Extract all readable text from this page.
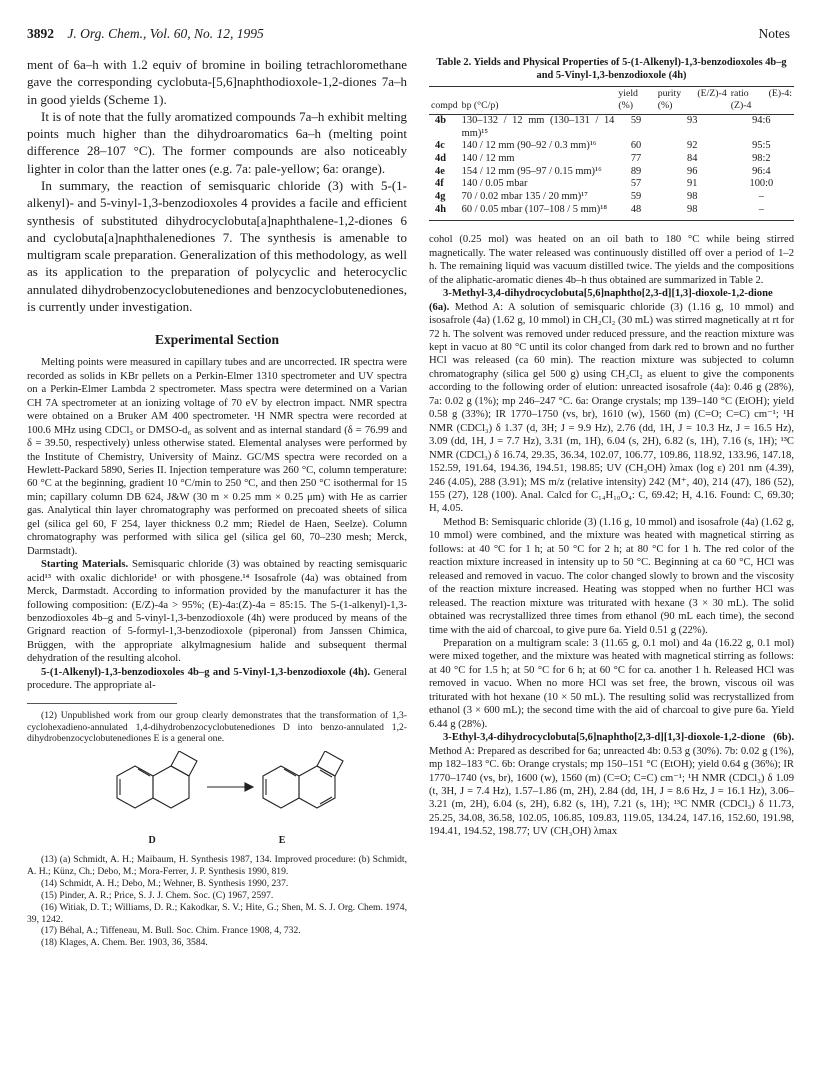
3892 J. Org. Chem., Vol. 60, No. 12, 1995	Notes

ment of 6a–h with 1.2 equiv of bromine in boiling tetrachloromethane gave the corresponding cyclobuta-[5,6]naphthodioxole-1,2-diones 7a–h in good yields (Scheme 1).

It is of note that the fully aromatized compounds 7a–h exhibit melting points much higher than the dihydroaromatics 6a–h (melting point difference 28–107 °C). The former compounds are also noticeably lighter in color than the latter ones (e.g. 7a: pale-yellow; 6a: orange).

In summary, the reaction of semisquaric chloride (3) with 5-(1-alkenyl)- and 5-vinyl-1,3-benzodioxoles 4 provides a facile and efficient synthesis of substituted dihydrocyclobuta[a]naphthalene-1,2-diones 6 and cyclobuta[a]naphthalenediones 7. The synthesis is amenable to multigram scale preparation. Generalization of this methodology, as well as its application to the preparation of polycyclic and heterocyclic annulated dihydrobenzocyclobutenediones and benzocyclobutenediones, is currently under investigation.

Experimental Section

Melting points were measured in capillary tubes and are uncorrected. IR spectra were recorded as solids in KBr pellets on a Perkin-Elmer 1310 spectrometer and UV spectra on a Perkin-Elmer Lambda 2 spectrometer. Mass spectra were determined on a Varian CH 7A spectrometer at an ionizing voltage of 70 eV by electron impact. NMR spectra were obtained on a Bruker AM 400 spectrometer. ¹H NMR spectra were recorded at 100.6 MHz using CDCl₃ or DMSO-d₆ as solvent and as internal standard (δ = 76.99 and δ = 39.50, respectively) unless otherwise stated. Elemental analyses were performed by the Institute of Chemistry, University of Mainz. GC/MS spectra were recorded on a Hewlett-Packard 5890, Series II. Injection temperature was 260 °C, column temperature: 60 °C at the beginning, gradient 10 °C/min to 250 °C, and then 250 °C isothermal for 15 min; capillary column DB 624, J&W (30 m × 0.25 mm × 0.25 μm) with He as carrier gas. Analytical thin layer chromatography was performed on precoated sheets of silica gel (silica gel 60, F 254, layer thickness 0.2 mm; Riedel de Haen, Seelze). Column chromatography was performed with silica gel (silica gel 60, 70–230 mesh; Merck, Darmstadt).

Starting Materials. Semisquaric chloride (3) was obtained by reacting semisquaric acid¹³ with oxalic dichloride¹ or with phosgene.¹⁴ Isosafrole (4a) was obtained from Merck, Darmstadt. According to information provided by the manufacturer it has the following composition: (E/Z)-4a > 95%; (E)-4a:(Z)-4a = 85:15. The 5-(1-alkenyl)-1,3-benzodioxoles 4b–g and 5-vinyl-1,3-benzodioxole (4h) were produced by means of the Grignard reaction of 5-formyl-1,3-benzodioxole (piperonal) from Janssen Chimica, Brüggen, with the appropriate alkylmagnesium halide and subsequent thermal dehydration of the resulting alcohol.

5-(1-Alkenyl)-1,3-benzodioxoles 4b–g and 5-Vinyl-1,3-benzodioxole (4h). General procedure. The appropriate al-

(12) Unpublished work from our group clearly demonstrates that the transformation of 1,3-cyclohexadieno-annulated 1,4-dihydrobenzocyclobutenediones D into benzo-annulated 1,2-dihydrobenzocyclobutenediones E is a general one.

D	E

(13) (a) Schmidt, A. H.; Maibaum, H. Synthesis 1987, 134. Improved procedure: (b) Schmidt, A. H.; Künz, Ch.; Debo, M.; Mora-Ferrer, J. P. Synthesis 1990, 819.

(14) Schmidt, A. H.; Debo, M.; Wehner, B. Synthesis 1990, 237.

(15) Pinder, A. R.; Price, S. J. J. Chem. Soc. (C) 1967, 2597.

(16) Witiak, D. T.; Williams, D. R.; Kakodkar, S. V.; Hite, G.; Shen, M. S. J. Org. Chem. 1974, 39, 1242.

(17) Béhal, A.; Tiffeneau, M. Bull. Soc. Chim. France 1908, 4, 732.

(18) Klages, A. Chem. Ber. 1903, 36, 3584.

Table 2. Yields and Physical Properties of 5-(1-Alkenyl)-1,3-benzodioxoles 4b–g and 5-Vinyl-1,3-benzodioxole (4h)
compd	bp (°C/p)	yield (%)	purity (E/Z)-4 (%)	ratio (E)-4:(Z)-4
4b	130–132 / 12 mm (130–131 / 14 mm)¹⁵	59	93	94:6
4c	140 / 12 mm (90–92 / 0.3 mm)¹⁶	60	92	95:5
4d	140 / 12 mm	77	84	98:2
4e	154 / 12 mm (95–97 / 0.15 mm)¹⁶	89	96	96:4
4f	140 / 0.05 mbar	57	91	100:0
4g	70 / 0.02 mbar 135 / 20 mm)¹⁷	59	98	–
4h	60 / 0.05 mbar (107–108 / 5 mm)¹⁸	48	98	–

cohol (0.25 mol) was heated on an oil bath to 180 °C while being stirred magnetically. The water released was continuously distilled off over a period of 1–2 h. The remaining liquid was vacuum distilled twice. The yields and the compositions of the aliphatic-aromatic dienes 4b–h thus obtained are summarized in Table 2.

3-Methyl-3,4-dihydrocyclobuta[5,6]naphtho[2,3-d][1,3]-dioxole-1,2-dione (6a). Method A: A solution of semisquaric chloride (3) (1.16 g, 10 mmol) and isosafrole (4a) (1.62 g, 10 mmol) in CH₂Cl₂ (30 mL) was stirred magnetically at rt for 72 h. The solvent was removed under reduced pressure, and the reaction mixture was kept in vacuo at 80 °C until its color changed from dark red to brown and no further HCl was released (ca 60 min). The reaction mixture was subjected to column chromatography (silica gel 500 g) using CH₂Cl₂ as eluent to give the components according to the following order of elution: unreacted isosafrole (4a): 0.46 g (28%), 7a: 0.02 g (1%); mp 246–247 °C. 6a: Orange crystals; mp 139–140 °C (EtOH); yield 0.58 g (33%); IR 1770–1750 (vs, br), 1610 (w), 1560 (m) (C=O; C=C) cm⁻¹; ¹H NMR (CDCl₃) δ 1.37 (d, 3H; J = 9.9 Hz), 2.76 (dd, 1H, J = 10.3 Hz, J = 16.5 Hz), 3.09 (dd, 1H, J = 7.7 Hz), 3.31 (m, 1H), 6.04 (s, 2H), 6.82 (s, 1H), 7.16 (s, 1H); ¹³C NMR (CDCl₃) δ 16.74, 29.35, 36.34, 102.07, 106.77, 109.86, 118.92, 133.96, 147.18, 152.59, 191.64, 194.36, 194.51, 198.85; UV (CH₃OH) λmax (log ε) 201 nm (4.39), 246 (4.05), 288 (3.91); MS m/z (relative intensity) 242 (M⁺, 40), 214 (47), 186 (52), 155 (27), 128 (100). Anal. Calcd for C₁₄H₁₀O₄: C, 69.42; H, 4.16. Found: C, 69.30; H, 4.05.

Method B: Semisquaric chloride (3) (1.16 g, 10 mmol) and isosafrole (4a) (1.62 g, 10 mmol) were combined, and the mixture was heated with magnetical stirring as follows: at 40 °C for 1 h; at 50 °C for 2 h; at 80 °C for 1 h. The red color of the reaction mixture increased in intensity up to 50 °C. Beginning at ca 60 °C, HCl was released and removed in vacuo. The color changed slowly to brown and the viscosity of the reaction mixture increased. Heating was stopped when no further HCl was released. The reaction mixture was triturated with hexane (3 × 30 mL). The solid obtained was recrystallized three times from ethanol (90 mL each time), the second time with the aid of charcoal, to give pure 6a. Yield 0.51 g (22%).

Preparation on a multigram scale: 3 (11.65 g, 0.1 mol) and 4a (16.22 g, 0.1 mol) were mixed together, and the mixture was heated with magnetical stirring as follows: at 40 °C for 1.5 h; at 50 °C for 6 h; at 60 °C for ca. another 1 h. Released HCl was removed in vacuo. When no more HCl was set free, the brown, viscous oil was triturated with hot hexane (10 × 50 mL). The resulting solid was recrystallized from ethanol (3 × 600 mL); the second time with the aid of charcoal to give pure 6a. Yield 6.44 g (28%).

3-Ethyl-3,4-dihydrocyclobuta[5,6]naphtho[2,3-d][1,3]-dioxole-1,2-dione (6b). Method A: Prepared as described for 6a; unreacted 4b: 0.53 g (30%). 7b: 0.02 g (1%), mp 182–183 °C. 6b: Orange crystals; mp 150–151 °C (EtOH); yield 0.64 g (36%); IR 1770–1740 (vs, br), 1600 (w), 1560 (m) (C=O; C=C) cm⁻¹; ¹H NMR (CDCl₃) δ 1.09 (t, 3H, J = 7.4 Hz), 1.57–1.86 (m, 2H), 2.84 (dd, 1H, J = 8.6 Hz, J = 16.1 Hz), 3.06–3.21 (m, 2H), 6.04 (s, 2H), 6.82 (s, 1H), 7.21 (s, 1H); ¹³C NMR (CDCl₃) δ 11.73, 25.25, 34.08, 36.58, 102.05, 106.85, 109.83, 119.05, 134.24, 147.16, 152.60, 191.98, 194.41, 194.52, 198.77; UV (CH₃OH) λmax
